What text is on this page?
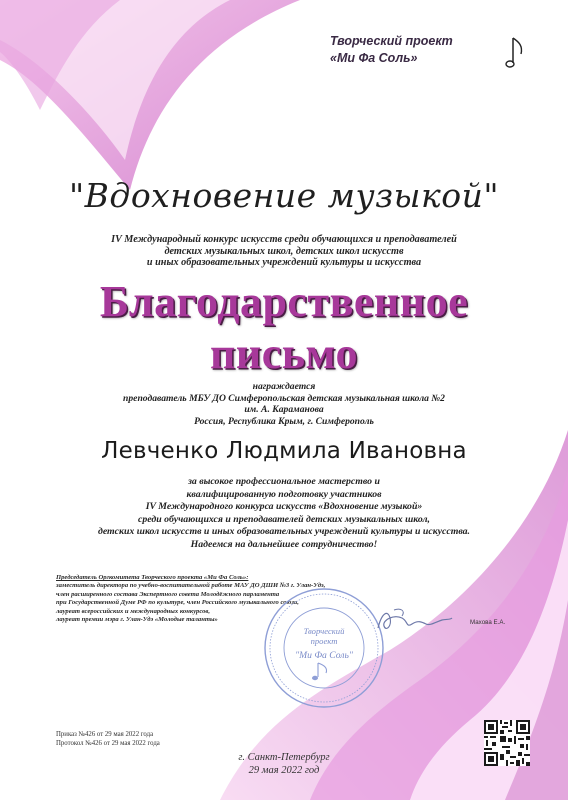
Творческий проект
«Ми Фа Соль»
"Вдохновение музыкой"
IV Международный конкурс искусств среди обучающихся и преподавателей
детских музыкальных школ, детских школ искусств
и иных образовательных учреждений культуры и искусства
Благодарственное
письмо
награждается
преподаватель МБУ ДО Симферопольская детская музыкальная школа №2
им. А. Караманова
Россия, Республика Крым, г. Симферополь
Левченко Людмила Ивановна
за высокое профессиональное мастерство и
квалифицированную подготовку участников
IV Международного конкурса искусств «Вдохновение музыкой»
среди обучающихся и преподавателей детских музыкальных школ,
детских школ искусств и иных образовательных учреждений культуры и искусства.
Надеемся на дальнейшее сотрудничество!
Председатель Оргкомитета Творческого проекта «Ми Фа Соль»:
заместитель директора по учебно-воспитательной работе МАУ ДО ДШИ №3 г. Улан-Удэ,
член расширенного состава Экспертного совета Молодёжного парламента
при Государственной Думе РФ по культуре, член Российского музыкального союза,
лауреат всероссийских и международных конкурсов,
лауреат премии мэра г. Улан-Удэ «Молодые таланты»
Творческий
проект
"Ми Фа Соль"
Махова Е.А.
Приказ №426 от 29 мая 2022 года
Протокол №426 от 29 мая 2022 года
г. Санкт-Петербург
29 мая 2022 год
